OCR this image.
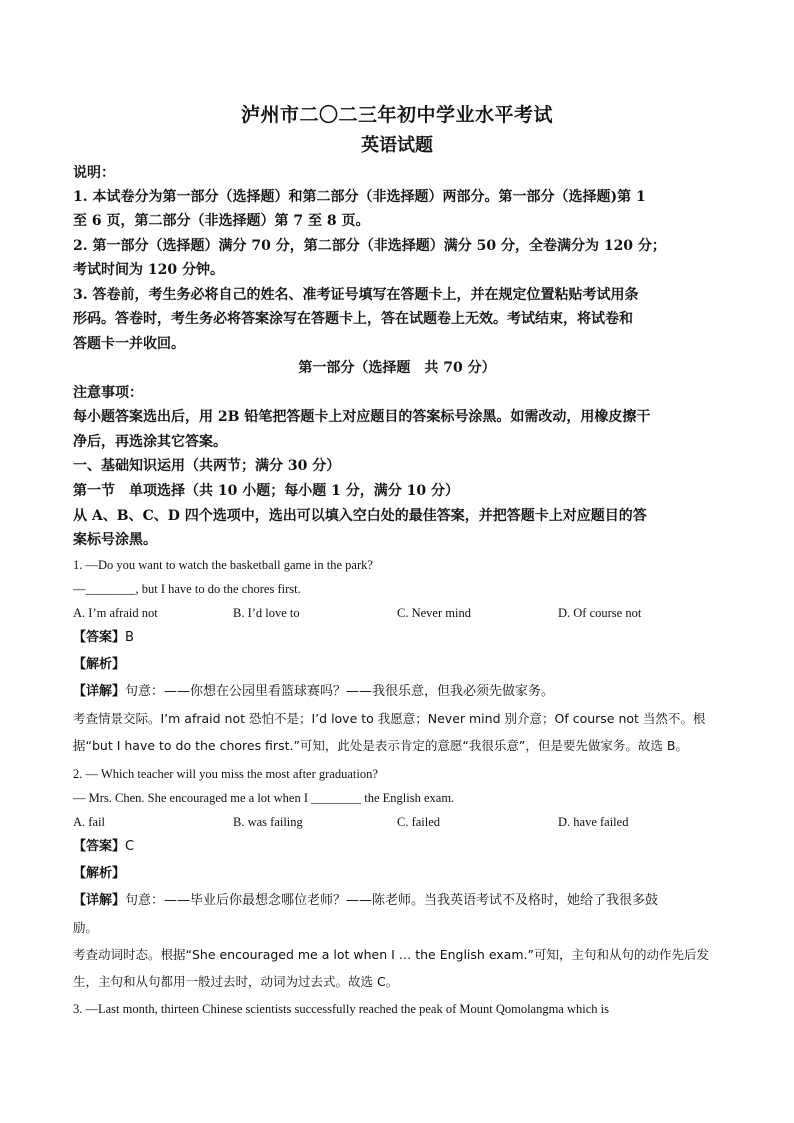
泸州市二〇二三年初中学业水平考试
英语试题
说明：
1. 本试卷分为第一部分（选择题）和第二部分（非选择题）两部分。第一部分（选择题)第 1
至 6 页，第二部分（非选择题）第 7 至 8 页。
2. 第一部分（选择题）满分 70 分，第二部分（非选择题）满分 50 分，全卷满分为 120 分；
考试时间为 120 分钟。
3. 答卷前，考生务必将自己的姓名、准考证号填写在答题卡上，并在规定位置粘贴考试用条
形码。答卷时，考生务必将答案涂写在答题卡上，答在试题卷上无效。考试结束，将试卷和
答题卡一并收回。
第一部分（选择题　共 70 分）
注意事项：
每小题答案选出后，用 2B 铅笔把答题卡上对应题目的答案标号涂黑。如需改动，用橡皮擦干
净后，再选涂其它答案。
一、基础知识运用（共两节；满分 30 分）
第一节　单项选择（共 10 小题；每小题 1 分，满分 10 分）
从 A、B、C、D 四个选项中，选出可以填入空白处的最佳答案，并把答题卡上对应题目的答
案标号涂黑。
1. —Do you want to watch the basketball game in the park?
—________, but I have to do the chores first.
A. I’m afraid not	B. I’d love to	C. Never mind	D. Of course not
【答案】B
【解析】
【详解】句意：——你想在公园里看篮球赛吗？——我很乐意，但我必须先做家务。
考查情景交际。I’m afraid not 恐怕不是；I’d love to 我愿意；Never mind 别介意；Of course not 当然不。根
据“but I have to do the chores first.”可知，此处是表示肯定的意愿“我很乐意”，但是要先做家务。故选 B。
2. — Which teacher will you miss the most after graduation?
— Mrs. Chen. She encouraged me a lot when I ________ the English exam.
A. fail	B. was failing	C. failed	D. have failed
【答案】C
【解析】
【详解】句意：——毕业后你最想念哪位老师？——陈老师。当我英语考试不及格时，她给了我很多鼓
励。
考查动词时态。根据“She encouraged me a lot when I … the English exam.”可知，主句和从句的动作先后发
生，主句和从句都用一般过去时，动词为过去式。故选 C。
3. —Last month, thirteen Chinese scientists successfully reached the peak of Mount Qomolangma which is
